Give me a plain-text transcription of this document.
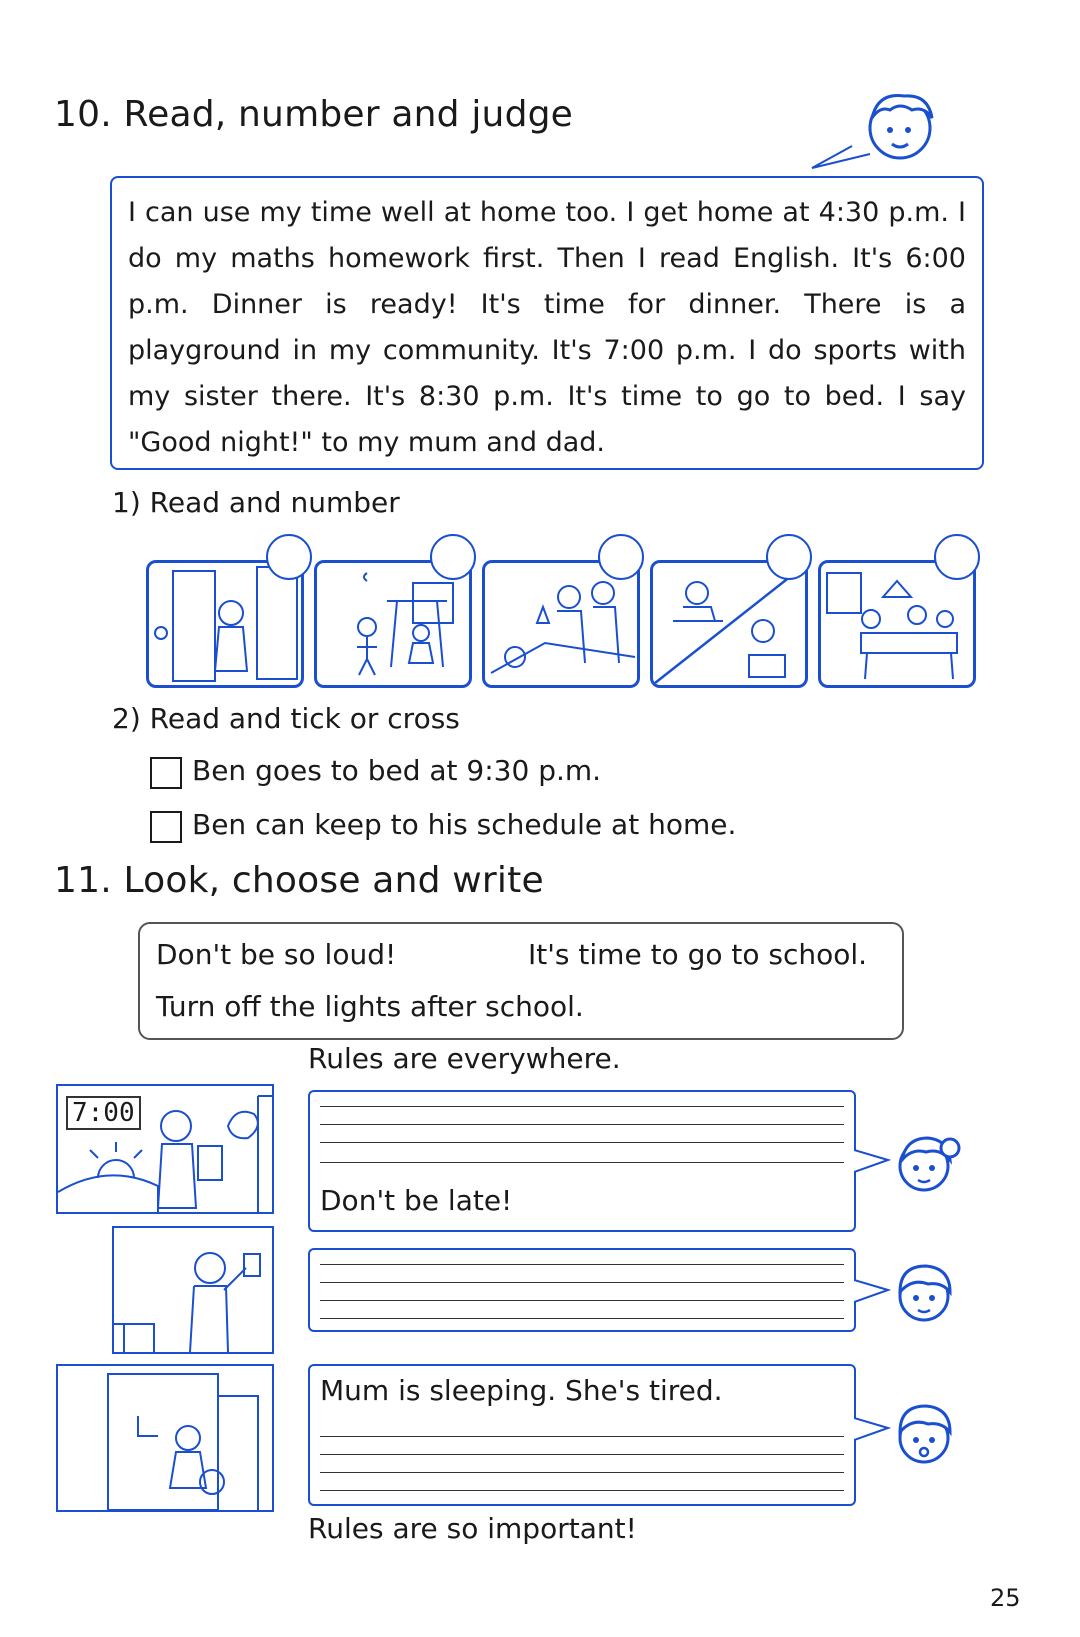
10. Read, number and judge
I can use my time well at home too. I get home at 4:30 p.m. I do my maths homework first. Then I read English. It's 6:00 p.m. Dinner is ready! It's time for dinner. There is a playground in my community. It's 7:00 p.m. I do sports with my sister there. It's 8:30 p.m. It's time to go to bed. I say "Good night!" to my mum and dad.
1) Read and number
2) Read and tick or cross
Ben goes to bed at 9:30 p.m.
Ben can keep to his schedule at home.
11. Look, choose and write
Don't be so loud!	It's time to go to school.
Turn off the lights after school.
Rules are everywhere.
7:00
Don't be late!
Mum is sleeping. She's tired.
Rules are so important!
25
